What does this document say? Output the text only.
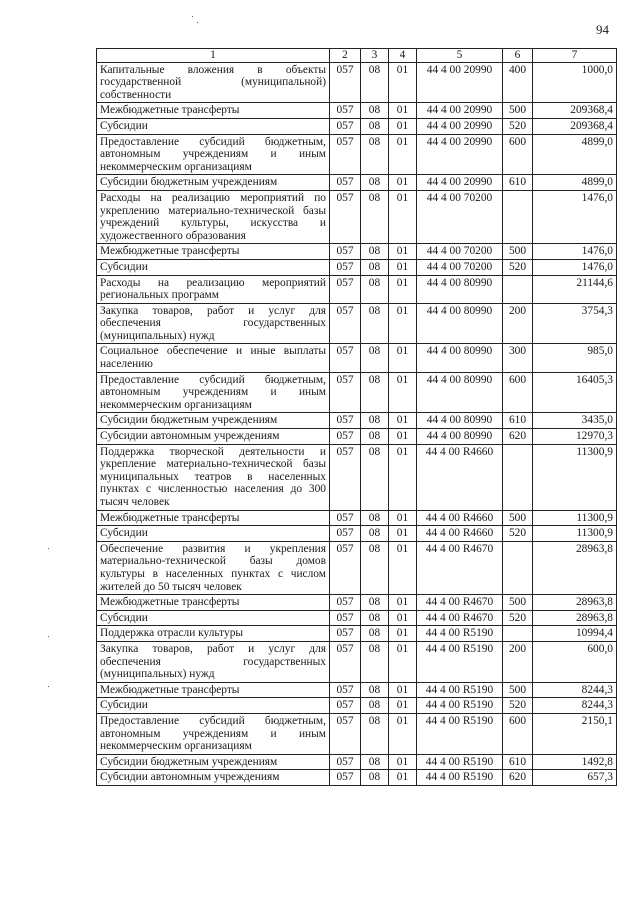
94
1	2	3	4	5	6	7
Капитальные вложения в объекты государственной (муниципальной) собственности	057	08	01	44 4 00 20990	400	1000,0
Межбюджетные трансферты	057	08	01	44 4 00 20990	500	209368,4
Субсидии	057	08	01	44 4 00 20990	520	209368,4
Предоставление субсидий бюджетным, автономным учреждениям и иным некоммерческим организациям	057	08	01	44 4 00 20990	600	4899,0
Субсидии бюджетным учреждениям	057	08	01	44 4 00 20990	610	4899,0
Расходы на реализацию мероприятий по укреплению материально-технической базы учреждений культуры, искусства и художественного образования	057	08	01	44 4 00 70200		1476,0
Межбюджетные трансферты	057	08	01	44 4 00 70200	500	1476,0
Субсидии	057	08	01	44 4 00 70200	520	1476,0
Расходы на реализацию мероприятий региональных программ	057	08	01	44 4 00 80990		21144,6
Закупка товаров, работ и услуг для обеспечения государственных (муниципальных) нужд	057	08	01	44 4 00 80990	200	3754,3
Социальное обеспечение и иные выплаты населению	057	08	01	44 4 00 80990	300	985,0
Предоставление субсидий бюджетным, автономным учреждениям и иным некоммерческим организациям	057	08	01	44 4 00 80990	600	16405,3
Субсидии бюджетным учреждениям	057	08	01	44 4 00 80990	610	3435,0
Субсидии автономным учреждениям	057	08	01	44 4 00 80990	620	12970,3
Поддержка творческой деятельности и укрепление материально-технической базы муниципальных театров в населенных пунктах с численностью населения до 300 тысяч человек	057	08	01	44 4 00 R4660		11300,9
Межбюджетные трансферты	057	08	01	44 4 00 R4660	500	11300,9
Субсидии	057	08	01	44 4 00 R4660	520	11300,9
Обеспечение развития и укрепления материально-технической базы домов культуры в населенных пунктах с числом жителей до 50 тысяч человек	057	08	01	44 4 00 R4670		28963,8
Межбюджетные трансферты	057	08	01	44 4 00 R4670	500	28963,8
Субсидии	057	08	01	44 4 00 R4670	520	28963,8
Поддержка отрасли культуры	057	08	01	44 4 00 R5190		10994,4
Закупка товаров, работ и услуг для обеспечения государственных (муниципальных) нужд	057	08	01	44 4 00 R5190	200	600,0
Межбюджетные трансферты	057	08	01	44 4 00 R5190	500	8244,3
Субсидии	057	08	01	44 4 00 R5190	520	8244,3
Предоставление субсидий бюджетным, автономным учреждениям и иным некоммерческим организациям	057	08	01	44 4 00 R5190	600	2150,1
Субсидии бюджетным учреждениям	057	08	01	44 4 00 R5190	610	1492,8
Субсидии автономным учреждениям	057	08	01	44 4 00 R5190	620	657,3
